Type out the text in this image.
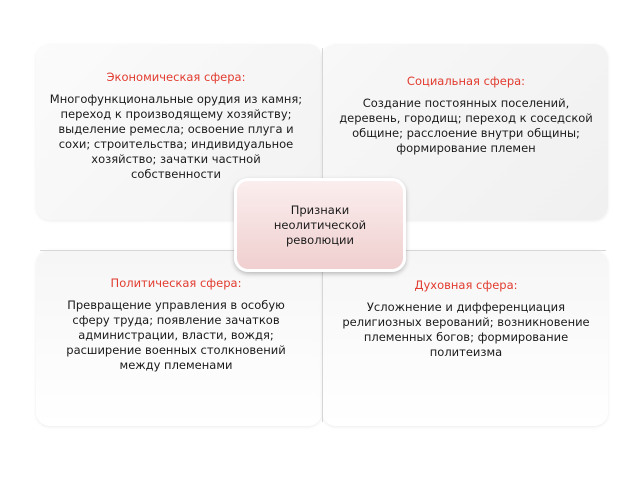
Экономическая сфера:

Многофункциональные орудия из камня; переход к производящему хозяйству; выделение ремесла; освоение плуга и сохи; строительства; индивидуальное хозяйство; зачатки частной собственности

Социальная сфера:

Создание постоянных поселений, деревень, городищ; переход к соседской общине; расслоение внутри общины; формирование племен

Политическая сфера:

Превращение управления в особую сферу труда; появление зачатков администрации, власти, вождя; расширение военных столкновений между племенами

Духовная сфера:

Усложнение и дифференциация религиозных верований; возникновение племенных богов; формирование политеизма

Признаки неолитической революции
